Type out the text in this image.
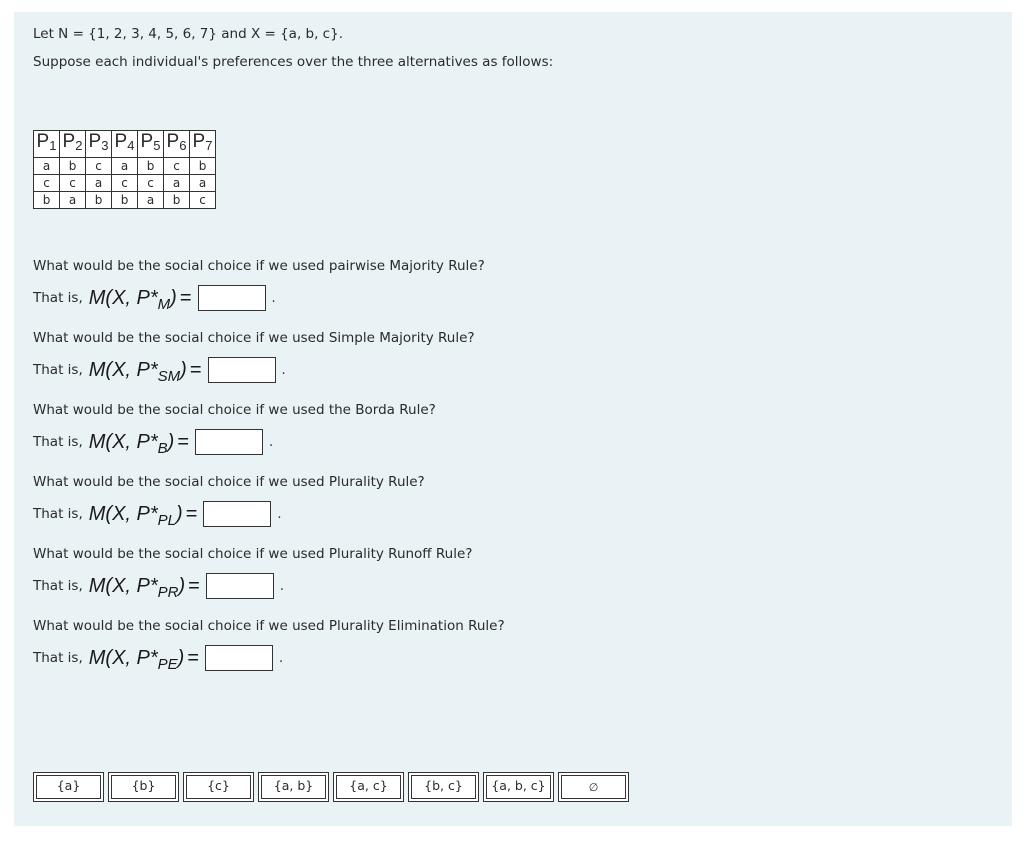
Let N = {1, 2, 3, 4, 5, 6, 7} and X = {a, b, c}.
Suppose each individual's preferences over the three alternatives as follows:
$P_1$	$P_2$	$P_3$	$P_4$	$P_5$	$P_6$	$P_7$
a	b	c	a	b	c	b
c	c	a	c	c	a	a
b	a	b	b	a	b	c
What would be the social choice if we used pairwise Majority Rule?
That is, M(X, P* M ) =	.
What would be the social choice if we used Simple Majority Rule?
That is, M(X, P* SM ) =	.
What would be the social choice if we used the Borda Rule?
That is, M(X, P* B ) =	.
What would be the social choice if we used Plurality Rule?
That is, M(X, P* PL ) =	.
What would be the social choice if we used Plurality Runoff Rule?
That is, M(X, P* PR ) =	.
What would be the social choice if we used Plurality Elimination Rule?
That is, M(X, P* PE ) =	.
{a}	{b}	{c}	{a, b}	{a, c}	{b, c}	{a, b, c}	∅
